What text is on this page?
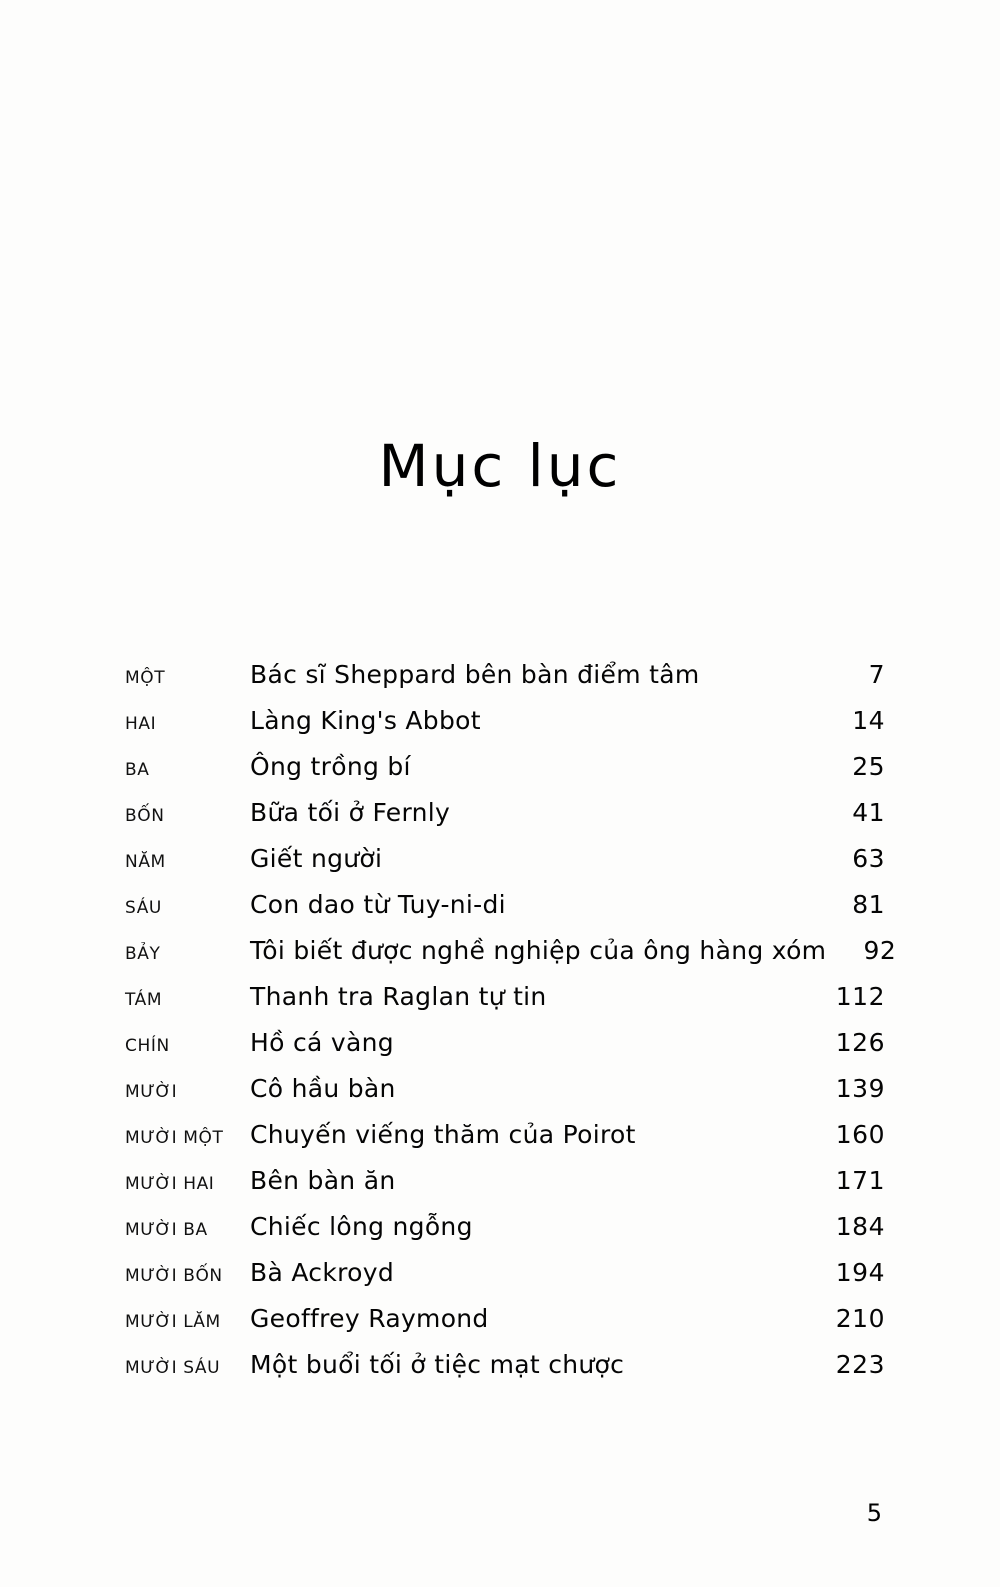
Mục lục
MỘT	Bác sĩ Sheppard bên bàn điểm tâm	7
HAI	Làng King's Abbot	14
BA	Ông trồng bí	25
BỐN	Bữa tối ở Fernly	41
NĂM	Giết người	63
SÁU	Con dao từ Tuy-ni-di	81
BẢY	Tôi biết được nghề nghiệp của ông hàng xóm	92
TÁM	Thanh tra Raglan tự tin	112
CHÍN	Hồ cá vàng	126
MƯỜI	Cô hầu bàn	139
MƯỜI MỘT	Chuyến viếng thăm của Poirot	160
MƯỜI HAI	Bên bàn ăn	171
MƯỜI BA	Chiếc lông ngỗng	184
MƯỜI BỐN	Bà Ackroyd	194
MƯỜI LĂM	Geoffrey Raymond	210
MƯỜI SÁU	Một buổi tối ở tiệc mạt chược	223
5
